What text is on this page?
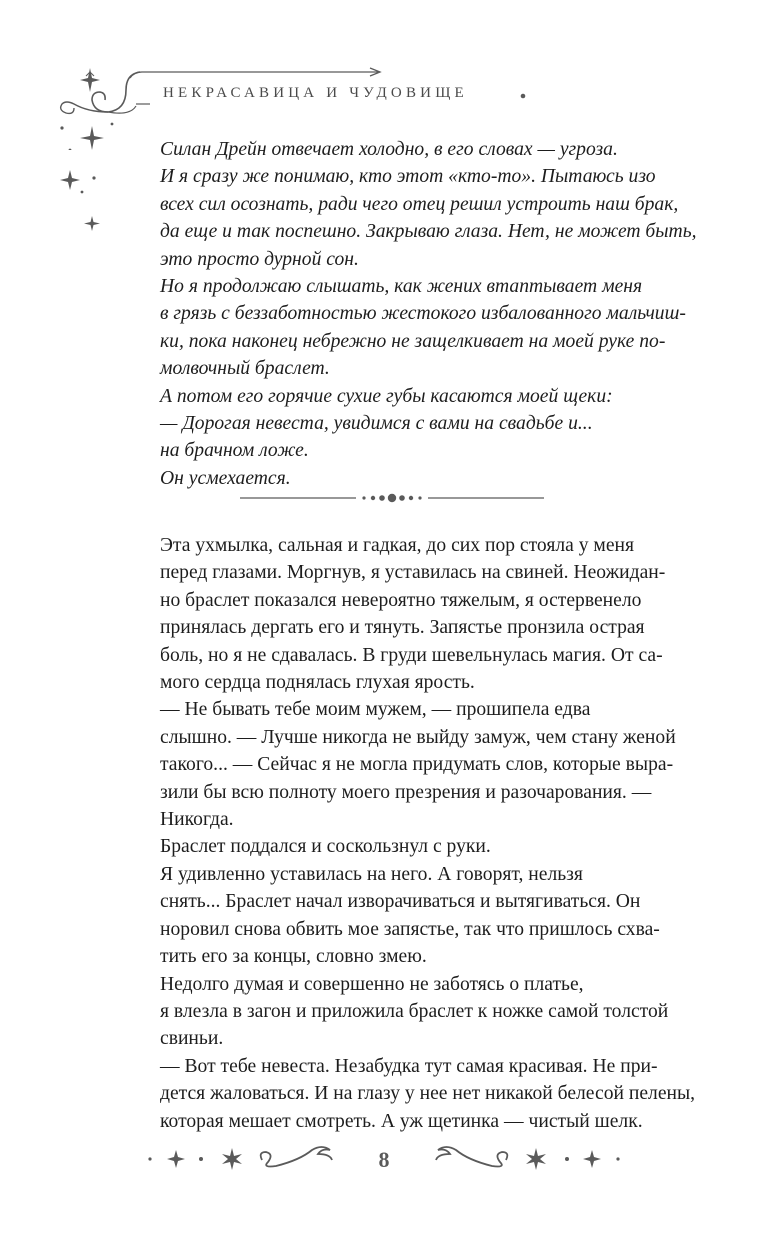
НЕКРАСАВИЦА И ЧУДОВИЩЕ
Силан Дрейн отвечает холодно, в его словах — угроза.
И я сразу же понимаю, кто этот «кто-то». Пытаюсь изо
всех сил осознать, ради чего отец решил устроить наш брак,
да еще и так поспешно. Закрываю глаза. Нет, не может быть,
это просто дурной сон.
Но я продолжаю слышать, как жених втаптывает меня
в грязь с беззаботностью жестокого избалованного мальчиш-
ки, пока наконец небрежно не защелкивает на моей руке по-
молвочный браслет.
А потом его горячие сухие губы касаются моей щеки:
— Дорогая невеста, увидимся с вами на свадьбе и...
на брачном ложе.
Он усмехается.
Эта ухмылка, сальная и гадкая, до сих пор стояла у меня
перед глазами. Моргнув, я уставилась на свиней. Неожидан-
но браслет показался невероятно тяжелым, я остервенело
принялась дергать его и тянуть. Запястье пронзила острая
боль, но я не сдавалась. В груди шевельнулась магия. От са-
мого сердца поднялась глухая ярость.
— Не бывать тебе моим мужем, — прошипела едва
слышно. — Лучше никогда не выйду замуж, чем стану женой
такого... — Сейчас я не могла придумать слов, которые выра-
зили бы всю полноту моего презрения и разочарования. —
Никогда.
Браслет поддался и соскользнул с руки.
Я удивленно уставилась на него. А говорят, нельзя
снять... Браслет начал изворачиваться и вытягиваться. Он
норовил снова обвить мое запястье, так что пришлось схва-
тить его за концы, словно змею.
Недолго думая и совершенно не заботясь о платье,
я влезла в загон и приложила браслет к ножке самой толстой
свиньи.
— Вот тебе невеста. Незабудка тут самая красивая. Не при-
дется жаловаться. И на глазу у нее нет никакой белесой пелены,
которая мешает смотреть. А уж щетинка — чистый шелк.
8
